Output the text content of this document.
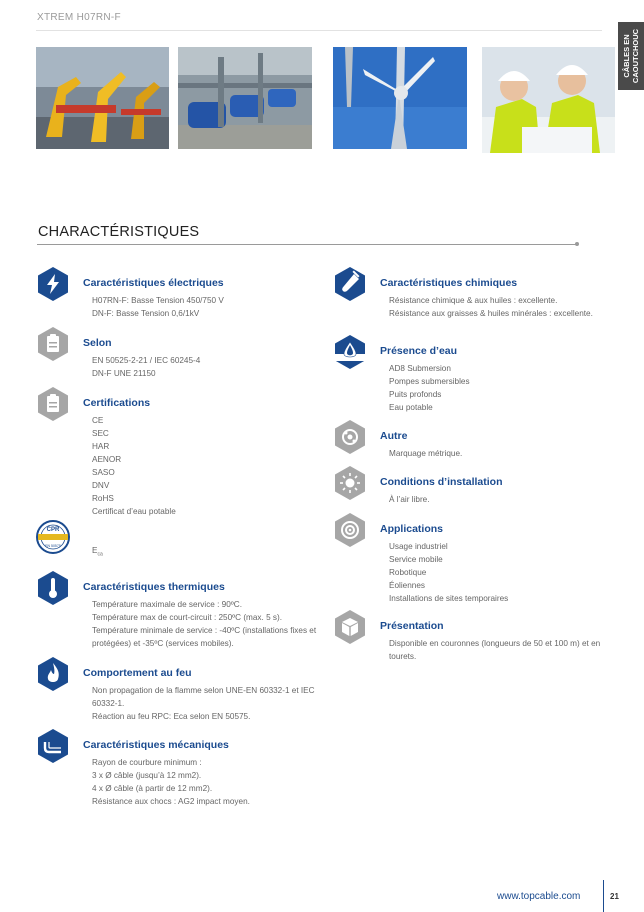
XTREM H07RN-F
CÂBLES EN
CAOUTCHOUC
CHARACTÉRISTIQUES
Caractéristiques électriques
H07RN-F: Basse Tension 450/750 V
DN-F: Basse Tension 0,6/1kV
Selon
EN 50525-2-21 / IEC 60245-4
DN-F UNE 21150
Certifications
CE
SEC
HAR
AENOR
SASO
DNV
RoHS
Certificat d’eau potable
CPR
EN 50575	$E_{ca}$
Caractéristiques thermiques
Température maximale de service : 90ºC.
Température max de court-circuit : 250ºC (max. 5 s).
Température minimale de service : -40ºC (installations fixes et protégées) et -35ºC (services mobiles).
Comportement au feu
Non propagation de la flamme selon UNE-EN 60332-1 et IEC 60332-1.
Réaction au feu RPC: Eca selon EN 50575.
Caractéristiques mécaniques
Rayon de courbure minimum :
3 x Ø câble (jusqu’à 12 mm2).
4 x Ø câble (à partir de 12 mm2).
Résistance aux chocs : AG2 impact moyen.
Caractéristiques chimiques
Résistance chimique & aux huiles : excellente.
Résistance aux graisses & huiles minérales : excellente.
Présence d’eau
AD8 Submersion
Pompes submersibles
Puits profonds
Eau potable
Autre
Marquage métrique.
Conditions d’installation
À l’air libre.
Applications
Usage industriel
Service mobile
Robotique
Éoliennes
Installations de sites temporaires
Présentation
Disponible en couronnes (longueurs de 50 et 100 m) et en tourets.
www.topcable.com	21
